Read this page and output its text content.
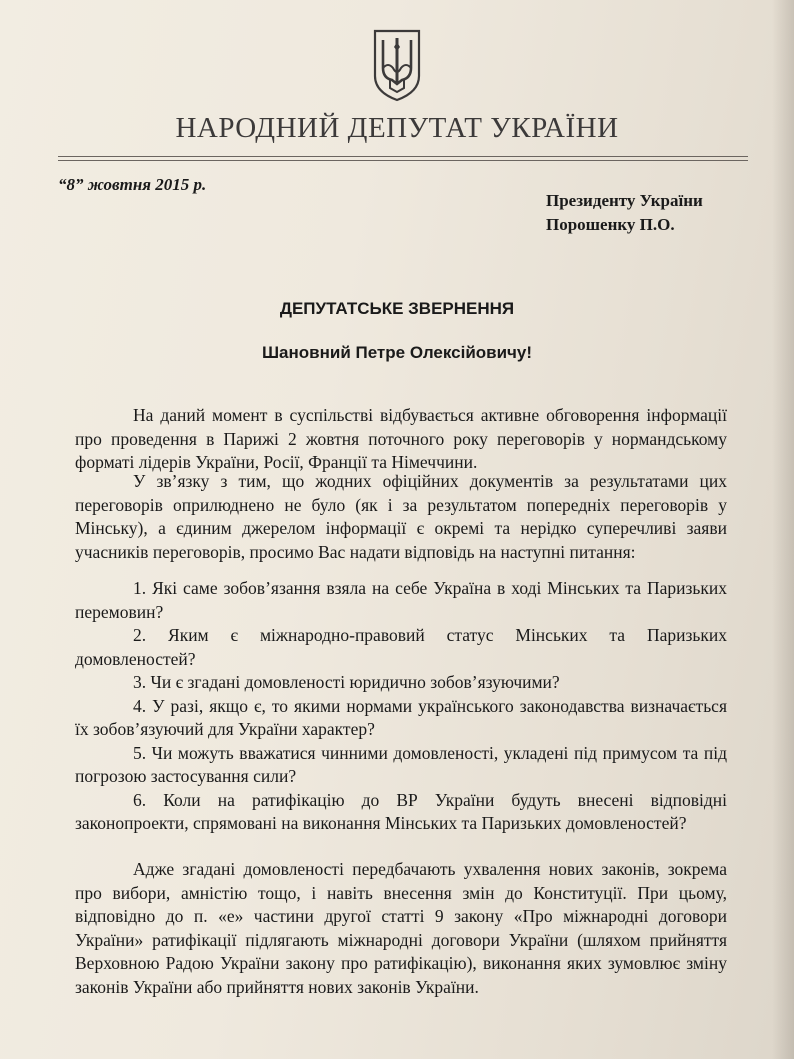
НАРОДНИЙ ДЕПУТАТ УКРАЇНИ
“8” жовтня 2015 р.
Президенту України
Порошенку П.О.
ДЕПУТАТСЬКЕ ЗВЕРНЕННЯ
Шановний Петре Олексійовичу!
На даний момент в суспільстві відбувається активне обговорення інформації про проведення в Парижі 2 жовтня поточного року переговорів у нормандському форматі лідерів України, Росії, Франції та Німеччини.
У зв’язку з тим, що жодних офіційних документів за результатами цих переговорів оприлюднено не було (як і за результатом попередніх переговорів у Мінську), а єдиним джерелом інформації є окремі та нерідко суперечливі заяви учасників переговорів, просимо Вас надати відповідь на наступні питання:

1. Які саме зобов’язання взяла на себе Україна в ході Мінських та Паризьких перемовин?

2. Яким є міжнародно-правовий статус Мінських та Паризьких домовленостей?

3. Чи є згадані домовленості юридично зобов’язуючими?

4. У разі, якщо є, то якими нормами українського законодавства визначається їх зобов’язуючий для України характер?

5. Чи можуть вважатися чинними домовленості, укладені під примусом та під погрозою застосування сили?

6. Коли на ратифікацію до ВР України будуть внесені відповідні законопроекти, спрямовані на виконання Мінських та Паризьких домовленостей?

Адже згадані домовленості передбачають ухвалення нових законів, зокрема про вибори, амністію тощо, і навіть внесення змін до Конституції. При цьому, відповідно до п. «е» частини другої статті 9 закону «Про міжнародні договори України» ратифікації підлягають міжнародні договори України (шляхом прийняття Верховною Радою України закону про ратифікацію), виконання яких зумовлює зміну законів України або прийняття нових законів України.
